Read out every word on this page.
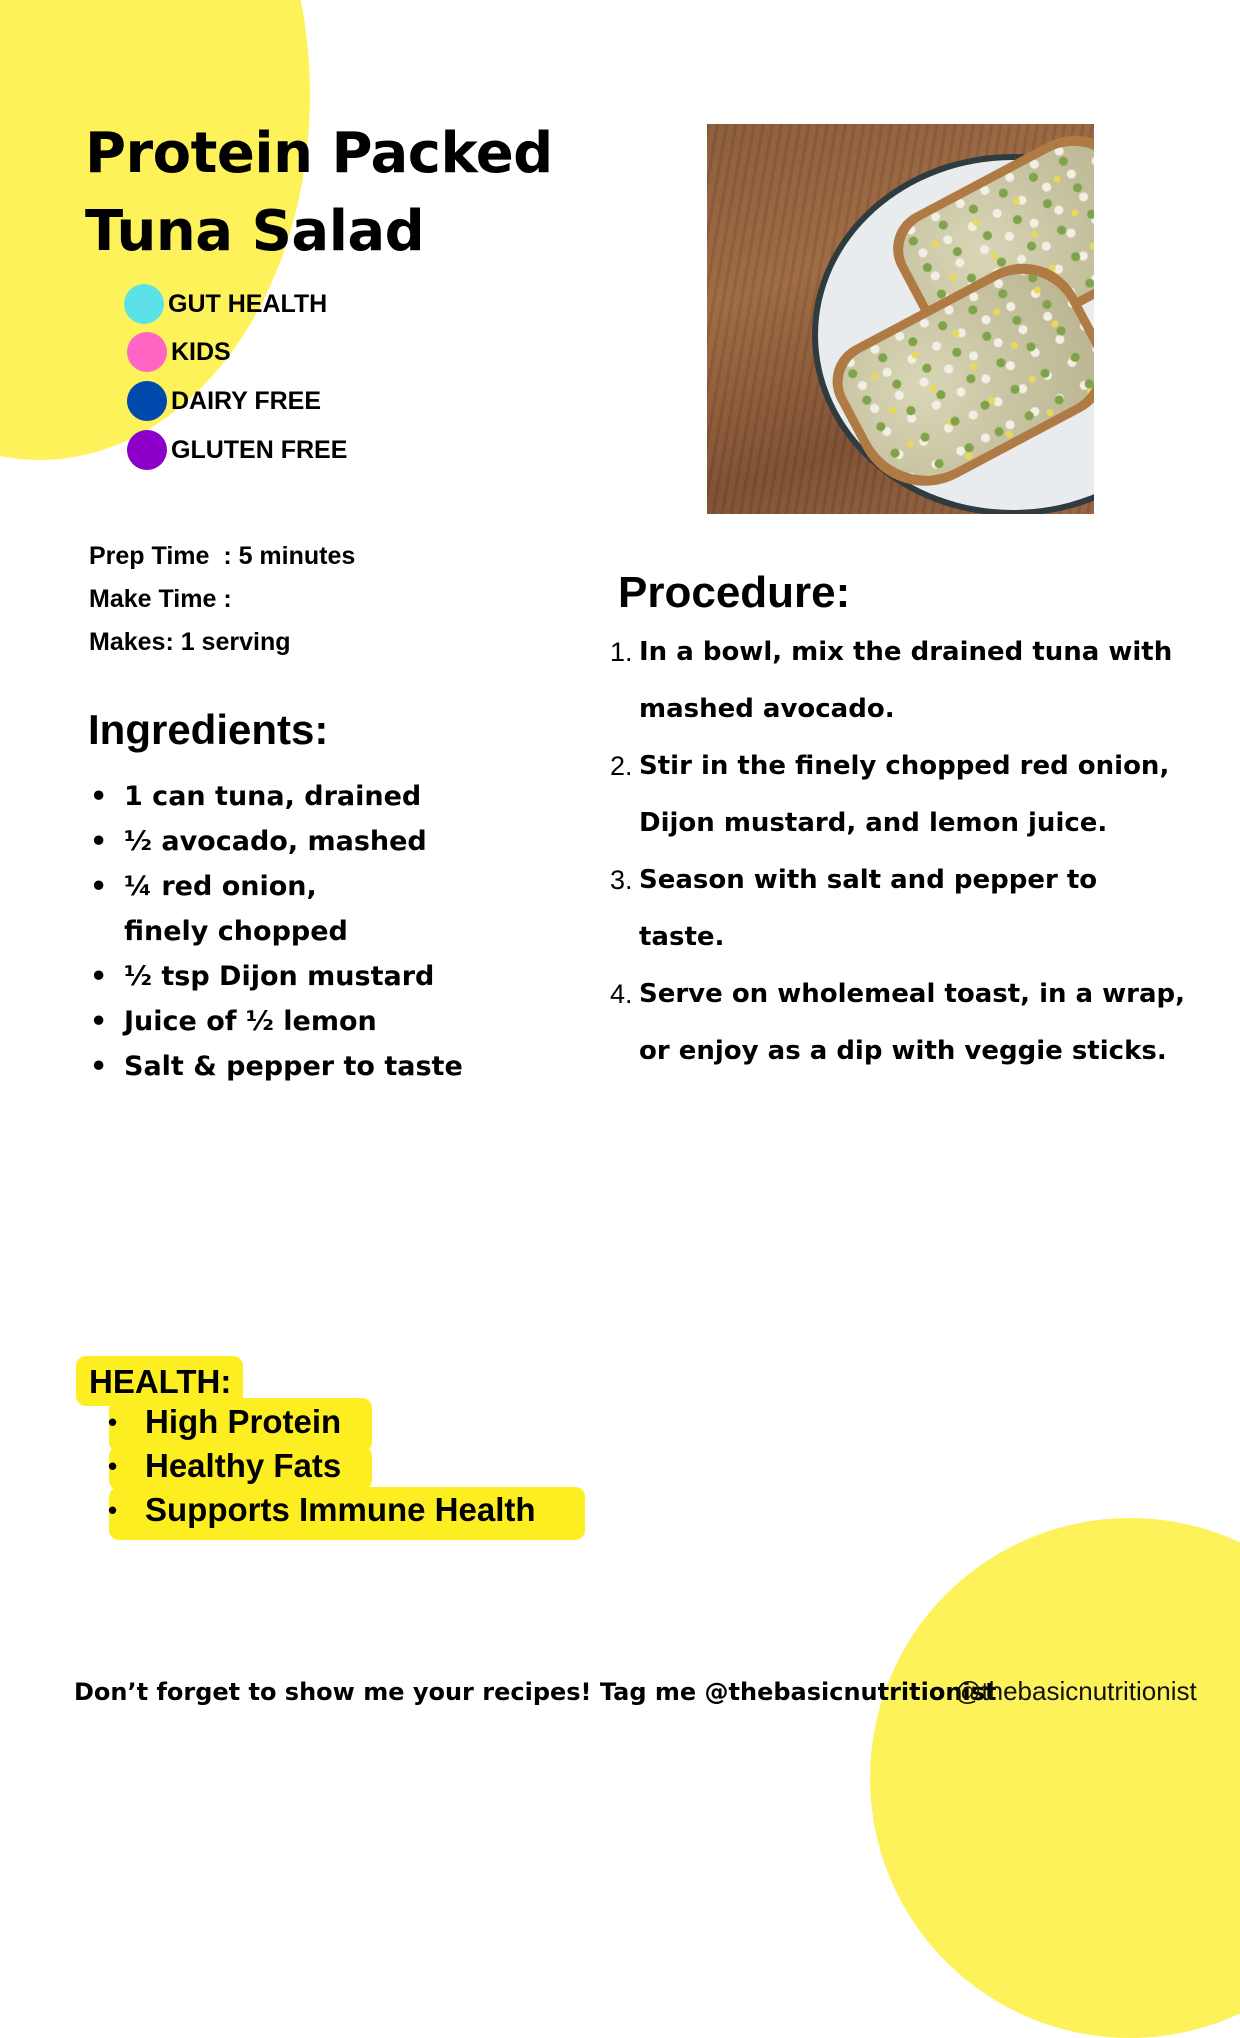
Protein Packed
Tuna Salad
GUT HEALTH
KIDS
DAIRY FREE
GLUTEN FREE
Prep Time  : 5 minutes
Make Time :
Makes: 1 serving
Ingredients:
• 1 can tuna, drained
• ½ avocado, mashed
• ¼ red onion, finely chopped
• ½ tsp Dijon mustard
• Juice of ½ lemon
• Salt & pepper to taste
Procedure:
1. In a bowl, mix the drained tuna with mashed avocado.
2. Stir in the finely chopped red onion, Dijon mustard, and lemon juice.
3. Season with salt and pepper to taste.
4. Serve on wholemeal toast, in a wrap, or enjoy as a dip with veggie sticks.
HEALTH:
• High Protein
• Healthy Fats
• Supports Immune Health

Don’t forget to show me your recipes! Tag me @thebasicnutritionist

@thebasicnutritionist
